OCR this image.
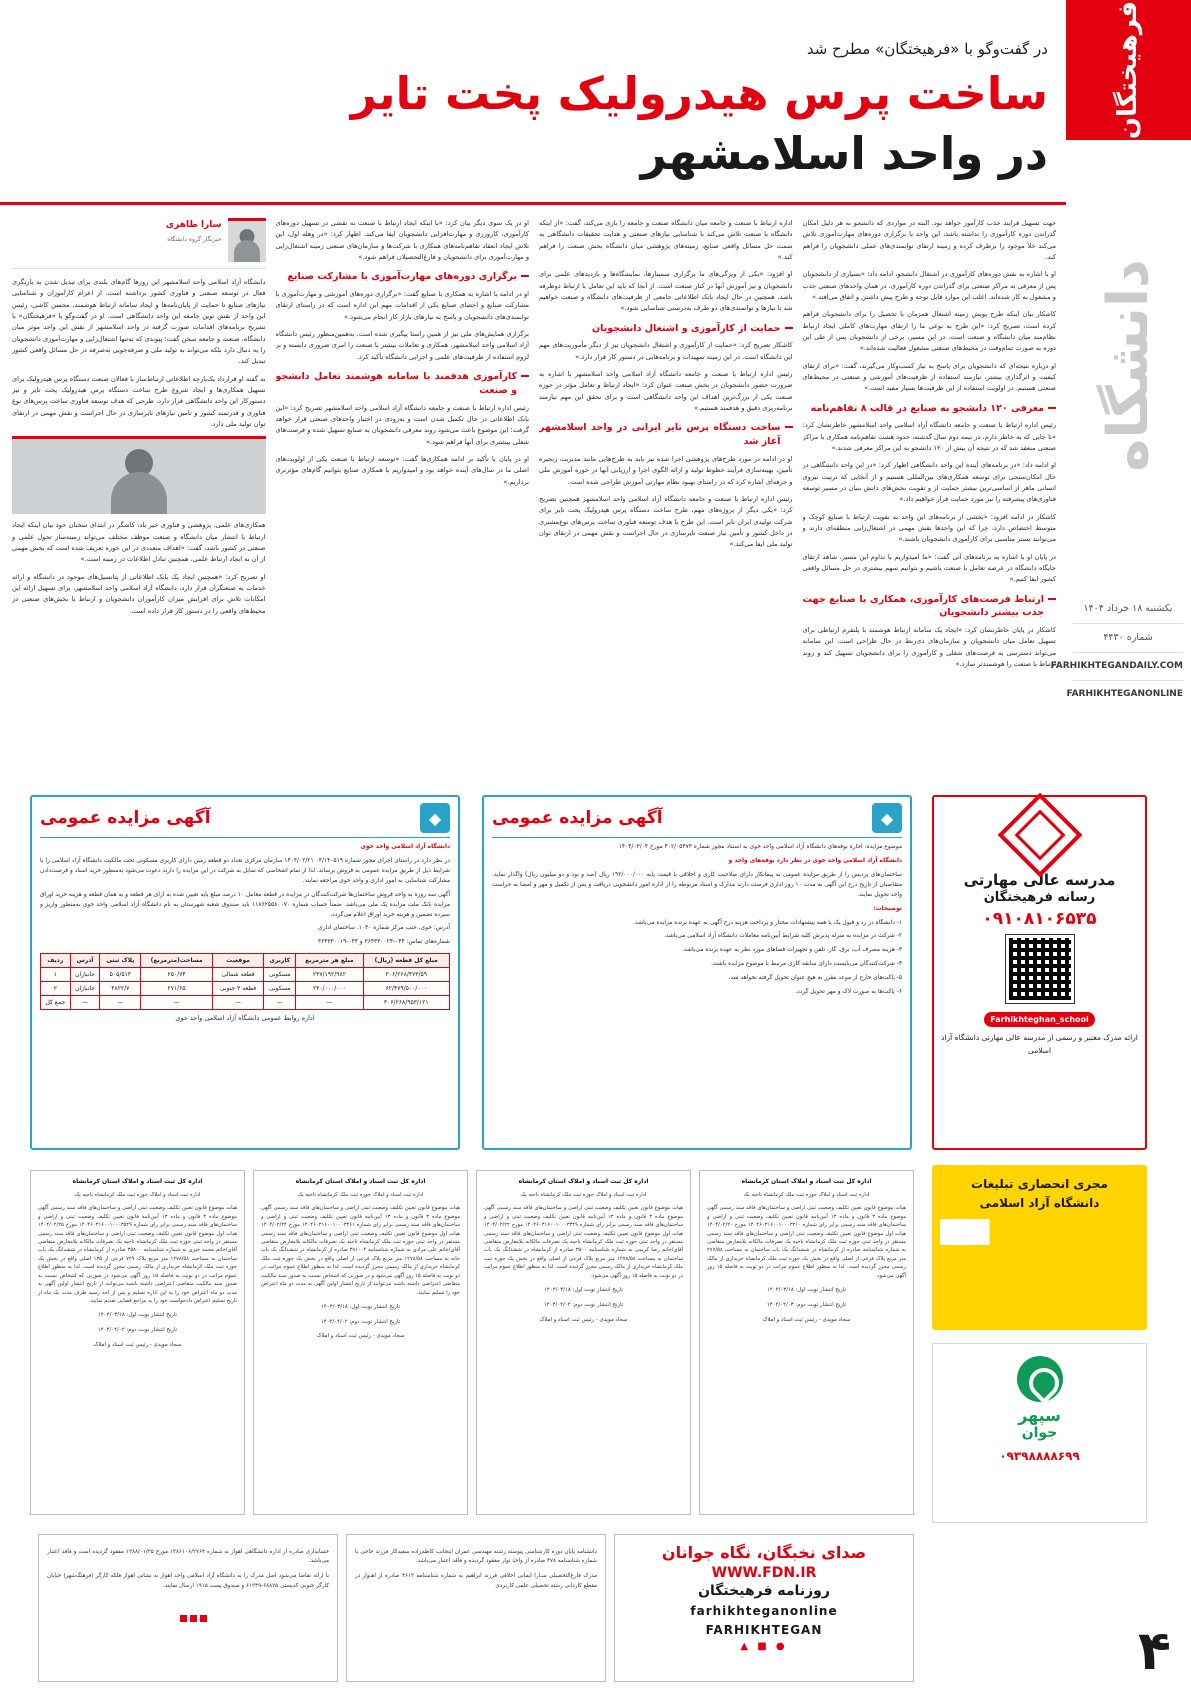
فرهیختگان
دانشگاه
یکشنبه ۱۸ خرداد ۱۴۰۴
شماره ۴۴۳۰
FARHIKHTEGANDAILY.COM
FARHIKHTEGANONLINE
۴
در گفت‌وگو با «فرهیختگان» مطرح شد
ساخت پرس هیدرولیک پخت تایر
در واحد اسلامشهر

جهت تسهیل فرایند جذب کارآموز خواهد بود. البته در مواردی که دانشجو به هر دلیل امکان گذراندن دوره کارآموزی را نداشته باشد، این واحد با برگزاری دوره‌های مهارت‌آموزی تلاش می‌کند خلأ موجود را برطرف کرده و زمینه ارتقای توانمندی‌های عملی دانشجویان را فراهم کند.

او با اشاره به نقش دوره‌های کارآموزی در اشتغال دانشجو، ادامه داد: «بسیاری از دانشجویان پس از معرفی به مراکز صنعتی برای گذراندن دوره کارآموزی، در همان واحدهای صنعتی جذب و مشغول به کار شده‌اند. اغلب این موارد قابل توجه و طرح پیش داشتن و اتفاق می‌افتد.»

کاشکار بیان اینکه طرح پویش زمینه اشتغال همزمان با تحصیل را برای دانشجویان فراهم کرده است، تصریح کرد: «این طرح به نوعی ما را ارتقای مهارت‌های کاملی ایجاد ارتباط نظام‌مند میان دانشگاه و صنعت است. در این مسیر، برخی از دانشجویان پس از طی این دوره به صورت تمام‌وقت در محیط‌های صنعتی مشغول فعالیت شده‌اند.»

او درباره نتیجه‌ای که دانشجویان برای پاسخ به نیاز کسب‌وکار می‌گیرند، گفت: «برای ارتقای کیفیت و اثرگذاری بیشتر، نیازمند استفاده از ظرفیت‌های آموزشی و صنعتی در محیط‌های صنعتی هستیم. در اولویت استفاده از این ظرفیت‌ها بسیار مفید است.»

معرفی ۱۲۰ دانشجو به صنایع در قالب ۸ تفاهم‌نامه

رئیس اداره ارتباط با صنعت و جامعه دانشگاه آزاد اسلامی واحد اسلامشهر خاطرنشان کرد: «تا جایی که به خاطر دارم، در نیمه دوم سال گذشته، حدود هشت تفاهم‌نامه همکاری با مراکز صنعتی منعقد شد که در نتیجه آن بیش از ۱۲۰ دانشجو به این مراکز معرفی شدند.»

او ادامه داد: «در برنامه‌های آینده این واحد دانشگاهی اظهار کرد: «در این واحد دانشگاهی در حال امکان‌سنجی برای توسعه همکاری‌های بین‌المللی هستیم و از آنجایی که تربیت نیروی انسانی ماهر از اساسی‌ترین بیشتر حمایت از و تقویت بخش‌های دانش بنیان در مسیر توسعه فناوری‌های پیشرفته را نیز مورد حمایت قرار خواهیم داد.»

کاشکار در ادامه افزود: «بخشی از برنامه‌های این واحد به تقویت ارتباط با صنایع کوچک و متوسط اختصاص دارد، چرا که این واحدها نقش مهمی در اشتغال‌زایی منطقه‌ای دارند و می‌توانند بستر مناسبی برای کارآموزی دانشجویان باشند.»

در پایان او با اشاره به برنامه‌های آتی گفت: «ما امیدواریم با تداوم این مسیر، شاهد ارتقای جایگاه دانشگاه در عرصه تعامل با صنعت باشیم و بتوانیم سهم بیشتری در حل مسائل واقعی کشور ایفا کنیم.»

ارتباط فرصت‌های کارآموزی، همکاری با صنایع جهت جذب بیشتر دانشجویان

کاشکار در پایان خاطرنشان کرد: «ایجاد یک سامانه ارتباط هوشمند با پلتفرم ارتباطی برای تسهیل تعامل میان دانشجویان و سازمان‌های ذی‌ربط در حال طراحی است. این سامانه می‌تواند دسترسی به فرصت‌های شغلی و کارآموزی را برای دانشجویان تسهیل کند و روند ارتباط با صنعت را هوشمندتر سازد.»

اداره ارتباط با صنعت و جامعه میان دانشگاه صنعت و جامعه را بازی می‌کند، گفت: «از اینکه دانشگاه با صنعت تلاش می‌کند با شناسایی نیازهای صنعتی و هدایت تحقیقات دانشگاهی به سمت حل مسائل واقعی صنایع، زمینه‌های پژوهشی میان دانشگاه بخش صنعت را فراهم کند.»

او افزود: «یکی از ویژگی‌های ما برگزاری سمینارها، نمایشگاه‌ها و بازدیدهای علمی برای دانشجویان و نیز آموزش آنها در کنار صنعت است. از آنجا که باید این تعامل با ارتباط دوطرفه باشد، همچنین در حال ایجاد بانک اطلاعاتی جامعی از ظرفیت‌های دانشگاه و صنعت خواهیم شد تا نیازها و توانمندی‌های دو طرف به‌درستی شناسایی شود.»

حمایت از کارآموزی و اشتغال دانشجویان

کاشکار تصریح کرد: «حمایت از کارآموزی و اشتغال دانشجویان نیز از دیگر مأموریت‌های مهم این دانشگاه است. در این زمینه تمهیدات و برنامه‌هایی در دستور کار قرار دارد.»

رئیس اداره ارتباط با صنعت و جامعه دانشگاه آزاد اسلامی واحد اسلامشهر با اشاره به ضرورت حضور دانشجویان در بخش صنعت عنوان کرد: «ایجاد ارتباط و تعامل مؤثر در حوزه صنعت یکی از بزرگ‌ترین اهداف این واحد دانشگاهی است و برای تحقق این مهم نیازمند برنامه‌ریزی دقیق و هدفمند هستیم.»

ساخت دستگاه پرس تایر ایرانی در واحد اسلامشهر آغاز شد

او در ادامه در مورد طرح‌های پژوهشی اجرا شده نیز باید به طرح‌هایی مانند مدیریت زنجیره تأمین، بهینه‌سازی فرآیند خطوط تولید و ارائه الگوی اجرا و ارزیابی آنها در حوزه آموزش ملی و حرفه‌ای اشاره کرد که در راستای بهبود نظام مهارتی آموزش طراحی شده است.

رئیس اداره ارتباط با صنعت و جامعه دانشگاه آزاد اسلامی واحد اسلامشهر همچنین تصریح کرد: «یکی دیگر از پروژه‌های مهم، طرح ساخت دستگاه پرس هیدرولیک پخت تایر برای شرکت تولیدی ایران تایر است. این طرح با هدف توسعه فناوری ساخت پرس‌های نوع‌مشتری در داخل کشور و تأمین نیاز صنعت تایرسازی در حال اجراست و نقش مهمی در ارتقای توان تولید ملی ایفا می‌کند.»

او در یک سوی دیگر بیان کرد: «با اینکه ایجاد ارتباط با صنعت به نقشی در تسهیل دوره‌های کارآموزی، کارورزی و مهارت‌افزایی دانشجویان ایفا می‌کند، اظهار کرد: «در وهله اول، این تلاش ایجاد انعقاد تفاهم‌نامه‌های همکاری با شرکت‌ها و سازمان‌های صنعتی زمینه اشتغال‌زایی و مهارت‌آموزی برای دانشجویان و فارغ‌التحصیلان فراهم شود.»

برگزاری دوره‌های مهارت‌آموزی با مشارکت صنایع

او در ادامه با اشاره به همکاری با صنایع گفت: «برگزاری دوره‌های آموزشی و مهارت‌آموزی با مشارکت صنایع و احصای صنایع یکی از اقدامات مهم این اداره است که در راستای ارتقای توانمندی‌های دانشجویان و پاسخ به نیازهای بازار کار انجام می‌شود.»

برگزاری همایش‌های ملی نیز از همین راستا پیگیری شده است. به‌همین‌منظور رئیس دانشگاه آزاد اسلامی واحد اسلامشهر، همکاری و تعاملات بیشتر با صنعت را امری ضروری دانسته و بر لزوم استفاده از ظرفیت‌های علمی و اجرایی دانشگاه تأکید کرد.

کارآموزی هدفمند با سامانه هوشمند تعامل دانشجو و صنعت

رئیس اداره ارتباط با صنعت و جامعه دانشگاه آزاد اسلامی واحد اسلامشهر تصریح کرد: «این بانک اطلاعاتی در حال تکمیل شدن است و به‌زودی در اختیار واحدهای صنعتی قرار خواهد گرفت؛ این موضوع باعث می‌شود روند معرفی دانشجویان به صنایع تسهیل شده و فرصت‌های شغلی بیشتری برای آنها فراهم شود.»

او در پایان با تأکید بر ادامه همکاری‌ها گفت: «توسعه ارتباط با صنعت یکی از اولویت‌های اصلی ما در سال‌های آینده خواهد بود و امیدواریم با همکاری صنایع بتوانیم گام‌های مؤثرتری برداریم.»

سارا طاهری
خبرنگار گروه دانشگاه

دانشگاه آزاد اسلامی واحد اسلامشهر این روزها گام‌های بلندی برای تبدیل شدن به بازیگری فعال در توسعه صنعتی و فناوری کشور برداشته است. از اعزام کارآموزان و شناسایی نیازهای صنایع تا حمایت از پایان‌نامه‌ها و ایجاد سامانه ارتباط هوشمند، محسن کاشی، رئیس این واحد از نقش نوین جامعه این واحد دانشگاهی است. او در گفت‌وگو با «فرهیختگان» با تشریح برنامه‌های اقدامات صورت گرفته در واحد اسلامشهر از نقش این واحد موثر میان دانشگاه، صنعت و جامعه سخن گفت؛ پیوندی که نه‌تنها اشتغال‌زایی و مهارت‌آموزی دانشجویان را به دنبال دارد بلکه می‌تواند به تولید ملی و صرفه‌جویی به‌صرفه در حل مسائل واقعی کشور تبدیل کند.

به گفته او قرارداد یک‌پارچه اطلاعاتی ارتباط‌ساز با فعالان صنعت دستگاه پرس هیدرولیک برای تسهیل همکاری‌ها و ایجاد شروع طرح ساخت دستگاه پرس هیدرولیک پخت تایر و نیز دستورکار این واحد دانشگاهی قرار دارد، طرحی که هدف توسعه فناوری ساخت پرس‌های نوع فناوری و قدرتمند کشور و تامین نیازهای تایرسازی در حال اجراست و نقش مهمی در ارتقای توان تولید ملی دارد.

همکاری‌های علمی، پژوهشی و فناوری خیر باد، کاشگر در ابتدای سخنان خود بیان اینکه ایجاد ارتباط با انتشار میان دانشگاه و صنعت موظف مختلف می‌تواند زمینه‌ساز تحول علمی و صنعتی در کشور باشد، گفت: «اهداف متعددی در این حوزه تعریف شده است که بخش مهمی از آن به ایجاد ارتباط علمی، همچنین تبادل اطلاعات در زمینه است.»

او تصریح کرد: «همچنین ایجاد یک بانک اطلاعاتی از پتانسیل‌های موجود در دانشگاه و ارائه خدمات به صنعتگران قرار دارد، دانشگاه آزاد اسلامی واحد اسلامشهر، برای تسهیل ارائه این امکانات تلاش برای افزایش میزان کارآموزان دانشجویان و ارتباط با بخش‌های صنعتی در محیط‌های واقعی را در دستور کار قرار داده است.

◆
آگهی مزایده عمومی

موضوع مزایده: اجاره بوفه‌های دانشگاه آزاد اسلامی واحد خوی به استناد مجوز شماره ۴۰۲/۰۵۴۷۳ مورخ ۱۴۰۴/۰۳/۰۴

دانشگاه آزاد اسلامی واحد خوی در نظر دارد بوفه‌های واحد و

ساختمان‌های پردیس را از طریق مزایده عمومی به پیمانکار دارای صلاحیت کاری و اخلاقی با قیمت پایه ۱۹۲/۰۰۰/۰۰۰ ریال (صد و نود و دو میلیون ریال) واگذار نماید. متقاضیان از تاریخ درج این آگهی به مدت ۱۰ روز اداری فرصت دارند مدارک و اسناد مربوطه را از اداره امور دانشجویی دریافت و پس از تکمیل و مهر و امضا به حراست واحد تحویل نمایند.

توضیحات:

۱- دانشگاه در رد و قبول یک یا همه پیشنهادات مختار و پرداخت هزینه درج آگهی به عهده برنده مزایده می‌باشد.

۲- شرکت در مزایده به منزله پذیرش کلیه شرایط آیین‌نامه معاملات دانشگاه آزاد اسلامی می‌باشد.

۳- هزینه مصرف آب، برق، گاز، تلفن و تجهیزات فضاهای مورد نظر به عهده برنده می‌باشد.

۴- شرکت‌کنندگان می‌بایست دارای سابقه کاری مرتبط با موضوع مزایده باشند.

۵- پاکت‌های خارج از موعد مقرر به هیچ عنوان تحویل گرفته نخواهد شد.

۶- پاکت‌ها به صورت لاک و مهر تحویل گردد.

◆
آگهی مزایده عمومی

دانشگاه آزاد اسلامی واحد خوی

در نظر دارد در راستای اجرای مجوز شماره ۰۴/۱۴۰۵۱۹ ۱۴۰۴/۰۲/۲۱ سازمان مرکزی تعداد دو قطعه زمین دارای کاربری مسکونی تحت مالکیت دانشگاه آزاد اسلامی را با شرایط ذیل از طریق مزایده عمومی به فروش برساند. لذا از تمام اشخاصی که تمایل به شرکت در این مزایده را دارند دعوت می‌شود به‌منظور خرید اسناد و فرصت‌دادن مشارکت شناسایی به امور اداری و واحد خوی مراجعه نمایند.

آگهی سه روزه به واحد فروش ساختمان‌ها شرکت‌کنندگان در مزایده در قطعه معامل ۱۰ درصد مبلغ پایه تعیین شده به ازای هر قطعه و به همان قطعه و هزینه خرید اوراق مزایده بانک ملت مزایده یک ملی می‌باشد. ضمناً حساب شماره ۱۱۸۶۲۵۵۸۰۰۷۰ باید صندوق شعبه شهرستان به نام دانشگاه آزاد اسلامی واحد خوی به‌منظور واریز و سپرده تضمین و هزینه خرید اوراق اعلام می‌گردد.

آدرس: خوی، جنب مرکز شماره ۱۰۴۰، ساختمان اداری

شماره‌های تماس: ۰۴۴-۳۶۴۳۳۰۰۲۴ و ۰۴۴-۳۶۴۳۳۰۰۱۹

مبلغ کل قطعه (ریال)	مبلغ هر مترمربع	کاربری	موقعیت	مساحت(مترمربع)	پلاک ثبتی	آدرس	ردیف
۳۰۶/۲۶۸/۴۷۳/۵۹	۲۳۷/۱۹۲/۹۸۲	مسکونی	قطعه شمالی	۲۵۰/۷۴	۵۰۵/۵۱۳	جانبازان	۱
۶۲/۴۷۹/۵۰۰/۰۰۰	۲۳۰/۰۰۰/۰۰۰	مسکونی	قطعه ۳ جنوبی	۲۷۱/۶۵	۴۸۲۲/۷	جانبازان	۲
۳۰۶/۲۶۸/۹۵۳/۱۲۱	—	—	—	—	—	—	جمع کل
اداره روابط عمومی دانشگاه آزاد اسلامی واحد خوی
مدرسه عالی مهارتی
رسانه فرهیختگان
۰۹۱۰۸۱۰۶۵۳۵
Farhikhteghan_school
ارائه مدرک معتبر و رسمی از مدرسه عالی مهارتی دانشگاه آزاد اسلامی
مجری انحصاری تبلیغات
دانشگاه آزاد اسلامی
سپهر
جوان
۰۹۳۹۸۸۸۸۶۹۹
اداره کل ثبت اسناد و املاک استان کرمانشاه
اداره ثبت اسناد و املاک حوزه ثبت ملک کرمانشاه ناحیه یک

هیات موضوع قانون تعیین تکلیف وضعیت ثبتی اراضی و ساختمان‌های فاقد سند رسمی آگهی موضوع ماده ۳ قانون و ماده ۱۳ آیین‌نامه قانون تعیین تکلیف وضعیت ثبتی و اراضی و ساختمان‌های فاقد سند رسمی برابر رای شماره ۱۴۰۴۶۰۳۱۶۰۰۱۰۰۰۳۲۱۰ مورخ ۱۴۰۴/۰۲/۲۰ هیات اول موضوع قانون تعیین تکلیف وضعیت ثبتی اراضی و ساختمان‌های فاقد سند رسمی مستقر در واحد ثبتی حوزه ثبت ملک کرمانشاه ناحیه یک تصرفات مالکانه بلامعارض متقاضی به شماره شناسنامه صادره از کرمانشاه در ششدانگ یک باب ساختمان به مساحت ۲۷۷/۵۸ متر مربع پلاک فرعی از اصلی واقع در بخش یک حوزه ثبت ملک کرمانشاه خریداری از مالک رسمی محرز گردیده است. لذا به منظور اطلاع عموم مراتب در دو نوبت به فاصله ۱۵ روز آگهی می‌شود.

تاریخ انتشار نوبت اول: ۱۴۰۴/۰۳/۱۸
تاریخ انتشار نوبت دوم: ۱۴۰۴/۰۴/۰۳
سجاد مویدی - رئیس ثبت اسناد و املاک
اداره کل ثبت اسناد و املاک استان کرمانشاه
اداره ثبت اسناد و املاک حوزه ثبت ملک کرمانشاه ناحیه یک

هیات موضوع قانون تعیین تکلیف وضعیت ثبتی اراضی و ساختمان‌های فاقد سند رسمی آگهی موضوع ماده ۳ قانون و ماده ۱۳ آیین‌نامه قانون تعیین تکلیف وضعیت ثبتی و اراضی و ساختمان‌های فاقد سند رسمی برابر رای شماره ۱۴۰۴۶۰۳۱۶۰۰۱۰۰۰۳۳۴۹ مورخ ۱۴۰۴/۰۲/۲۲ هیات اول موضوع قانون تعیین تکلیف وضعیت ثبتی اراضی و ساختمان‌های فاقد سند رسمی مستقر در واحد ثبتی حوزه ثبت ملک کرمانشاه ناحیه یک تصرفات مالکانه بلامعارض متقاضی آقای/خانم رضا کریمی به شماره شناسنامه ۳۵۰۰ صادره از کرمانشاه در ششدانگ یک باب ساختمان به مساحت ۱۲۷۸/۵۸ متر مربع پلاک فرعی از اصلی واقع در بخش یک حوزه ثبت ملک کرمانشاه خریداری از مالک رسمی محرز گردیده است. لذا به منظور اطلاع عموم مراتب در دو نوبت به فاصله ۱۵ روز آگهی می‌شود.

تاریخ انتشار نوبت اول: ۱۴۰۴/۰۳/۱۸
تاریخ انتشار نوبت دوم: ۱۴۰۴/۰۴/۰۲
سجاد مویدی - رئیس ثبت اسناد و املاک
اداره کل ثبت اسناد و املاک استان کرمانشاه
اداره ثبت اسناد و املاک حوزه ثبت ملک کرمانشاه ناحیه یک

هیات موضوع قانون تعیین تکلیف وضعیت ثبتی اراضی و ساختمان‌های فاقد سند رسمی آگهی موضوع ماده ۳ قانون و ماده ۱۳ آیین‌نامه قانون تعیین تکلیف وضعیت ثبتی و اراضی و ساختمان‌های فاقد سند رسمی برابر رای شماره ۱۴۰۴۶۰۳۱۶۰۰۱۰۰۰۳۴۶۱ مورخ ۱۴۰۴/۰۲/۲۴ هیات اول موضوع قانون تعیین تکلیف وضعیت ثبتی اراضی و ساختمان‌های فاقد سند رسمی مستقر در واحد ثبتی حوزه ثبت ملک کرمانشاه ناحیه یک تصرفات مالکانه بلامعارض متقاضی آقای/خانم علی مرادی به شماره شناسنامه ۳۸۱۰۰۴ صادره از کرمانشاه در ششدانگ یک باب خانه به مساحت ۱۲۷۸/۵۸ متر مربع پلاک فرعی از اصلی واقع در بخش یک حوزه ثبت ملک کرمانشاه خریداری از مالک رسمی محرز گردیده است. لذا به منظور اطلاع عموم مراتب در دو نوبت به فاصله ۱۵ روز آگهی می‌شود و در صورتی که اشخاص نسبت به صدور سند مالکیت متقاضی اعتراضی داشته باشند می‌توانند از تاریخ انتشار اولین آگهی به مدت دو ماه اعتراض خود را تسلیم نمایند.

تاریخ انتشار نوبت اول: ۱۴۰۴/۰۳/۱۸
تاریخ انتشار نوبت دوم: ۱۴۰۴/۰۴/۰۲
سجاد مویدی - رئیس ثبت اسناد و املاک
اداره کل ثبت اسناد و املاک استان کرمانشاه
اداره ثبت اسناد و املاک حوزه ثبت ملک کرمانشاه ناحیه یک

هیات موضوع قانون تعیین تکلیف وضعیت ثبتی اراضی و ساختمان‌های فاقد سند رسمی آگهی موضوع ماده ۳ قانون و ماده ۱۳ آیین‌نامه قانون تعیین تکلیف وضعیت ثبتی و اراضی و ساختمان‌های فاقد سند رسمی برابر رای شماره ۱۴۰۴۶۰۳۱۶۰۰۱۰۰۰۳۵۴۹ مورخ ۱۴۰۴/۰۲/۲۵ هیات اول موضوع قانون تعیین تکلیف وضعیت ثبتی اراضی و ساختمان‌های فاقد سند رسمی مستقر در واحد ثبتی حوزه ثبت ملک کرمانشاه ناحیه یک تصرفات مالکانه بلامعارض متقاضی آقای/خانم محمد خیری به شماره شناسنامه ۳۵۸۰۰ صادره از کرمانشاه در ششدانگ یک باب ساختمان به مساحت ۱۲۷۸/۵۸ متر مربع پلاک ۷۲۹ فرعی از ۱۳۵ اصلی واقع در بخش یک حوزه ثبت ملک کرمانشاه خریداری از مالک رسمی محرز گردیده است. لذا به منظور اطلاع عموم مراتب در دو نوبت به فاصله ۱۵ روز آگهی می‌شود در صورتی که اشخاص نسبت به صدور سند مالکیت متقاضی اعتراضی داشته باشند می‌توانند از تاریخ انتشار اولین آگهی به مدت دو ماه اعتراض خود را به این اداره تسلیم و پس از اخذ رسید ظرف مدت یک ماه از تاریخ تسلیم اعتراض دادخواست خود را به مراجع قضایی تقدیم نمایند.

تاریخ انتشار نوبت اول: ۱۴۰۴/۰۳/۱۸
تاریخ انتشار نوبت دوم: ۱۴۰۴/۰۴/۰۲
سجاد مویدی - رئیس ثبت اسناد و املاک
صدای نخبگان، نگاه جوانان
WWW.FDN.IR
روزنامه فرهیختگان
farhikhteganonline
FARHIKHTEGAN
● ■ ▲

دانشنامه پایان دوره کارشناسی پیوسته رشته مهندسی عمران اینجانب کاظم‌زاده سفیدکار فرزند حاجی با شماره شناسنامه ۴۷۸ صادره از واحد نوار مفقود گردیده و فاقد اعتبار می‌باشد.

مدرک فارغ‌التحصیلی سـارا ایمانی اخلاقی فرزند ابراهیم به شماره شناسنامه ۴۶۱۳ صادره از اهـواز در مقطع کاردانی رشته تحصیلی علمی کاربردی

حسابداری صادره از اداره دانشگاهی اهواز به شماره ۱۴۸۶۱۰۶/۲۷۶۴ مورخ ۱۳۸۸/۰۱/۲۵ مفقود گردیده است و فاقد اعتبار می‌باشد.

با ارائه تقاضا می‌شود اصل مدرک را به دانشگاه آزاد اسلامی واحد اهواز به نشانی اهواز فلکه کارگر (فرهنگ‌شهر) خیابان کارگر جنوبی کدپستی ۶۸۸۷۵-۶۱۳۴۹ و صندوق پست ۱۹۱۵ ارسال نمایند.
